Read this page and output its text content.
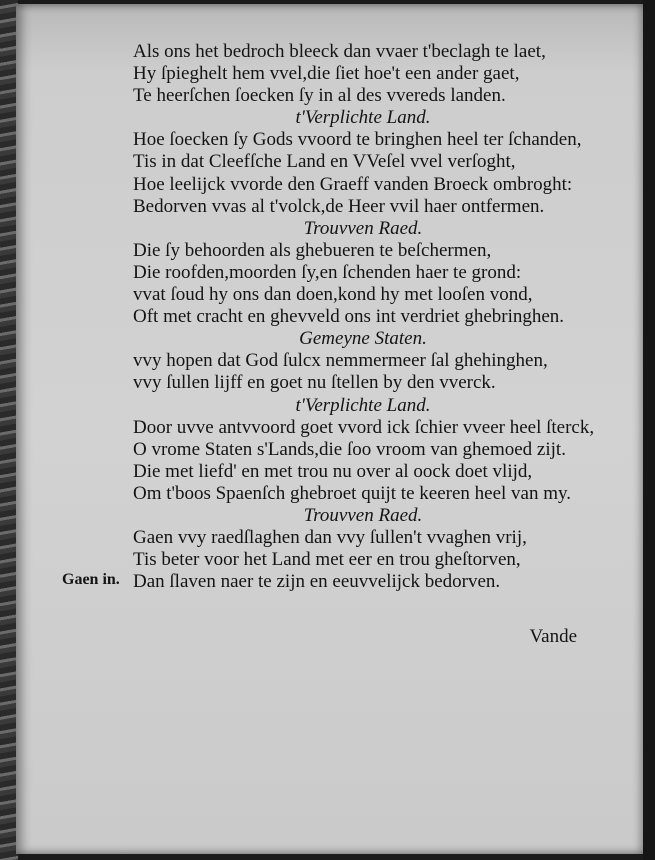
Als ons het bedroch bleeck dan vvaer t'beclagh te laet,
Hy ſpieghelt hem vvel,die ſiet hoe't een ander gaet,
Te heerſchen ſoecken ſy in al des vvereds landen.
t'Verplichte Land.
Hoe ſoecken ſy Gods vvoord te bringhen heel ter ſchanden,
Tis in dat Cleefſche Land en VVeſel vvel verſoght,
Hoe leelijck vvorde den Graeff vanden Broeck ombroght:
Bedorven vvas al t'volck,de Heer vvil haer ontfermen.
Trouvven Raed.
Die ſy behoorden als ghebueren te beſchermen,
Die roofden,moorden ſy,en ſchenden haer te grond:
vvat ſoud hy ons dan doen,kond hy met looſen vond,
Oft met cracht en ghevveld ons int verdriet ghebringhen.
Gemeyne Staten.
vvy hopen dat God ſulcx nemmermeer ſal ghehinghen,
vvy ſullen lijff en goet nu ſtellen by den vverck.
t'Verplichte Land.
Door uvve antvvoord goet vvord ick ſchier vveer heel ſterck,
O vrome Staten s'Lands,die ſoo vroom van ghemoed zijt.
Die met liefd' en met trou nu over al oock doet vlijd,
Om t'boos Spaenſch ghebroet quijt te keeren heel van my.
Trouvven Raed.
Gaen vvy raedſlaghen dan vvy ſullen't vvaghen vrij,
Tis beter voor het Land met eer en trou gheſtorven,
Dan ſlaven naer te zijn en eeuvvelijck bedorven.
Gaen in.
Vande
